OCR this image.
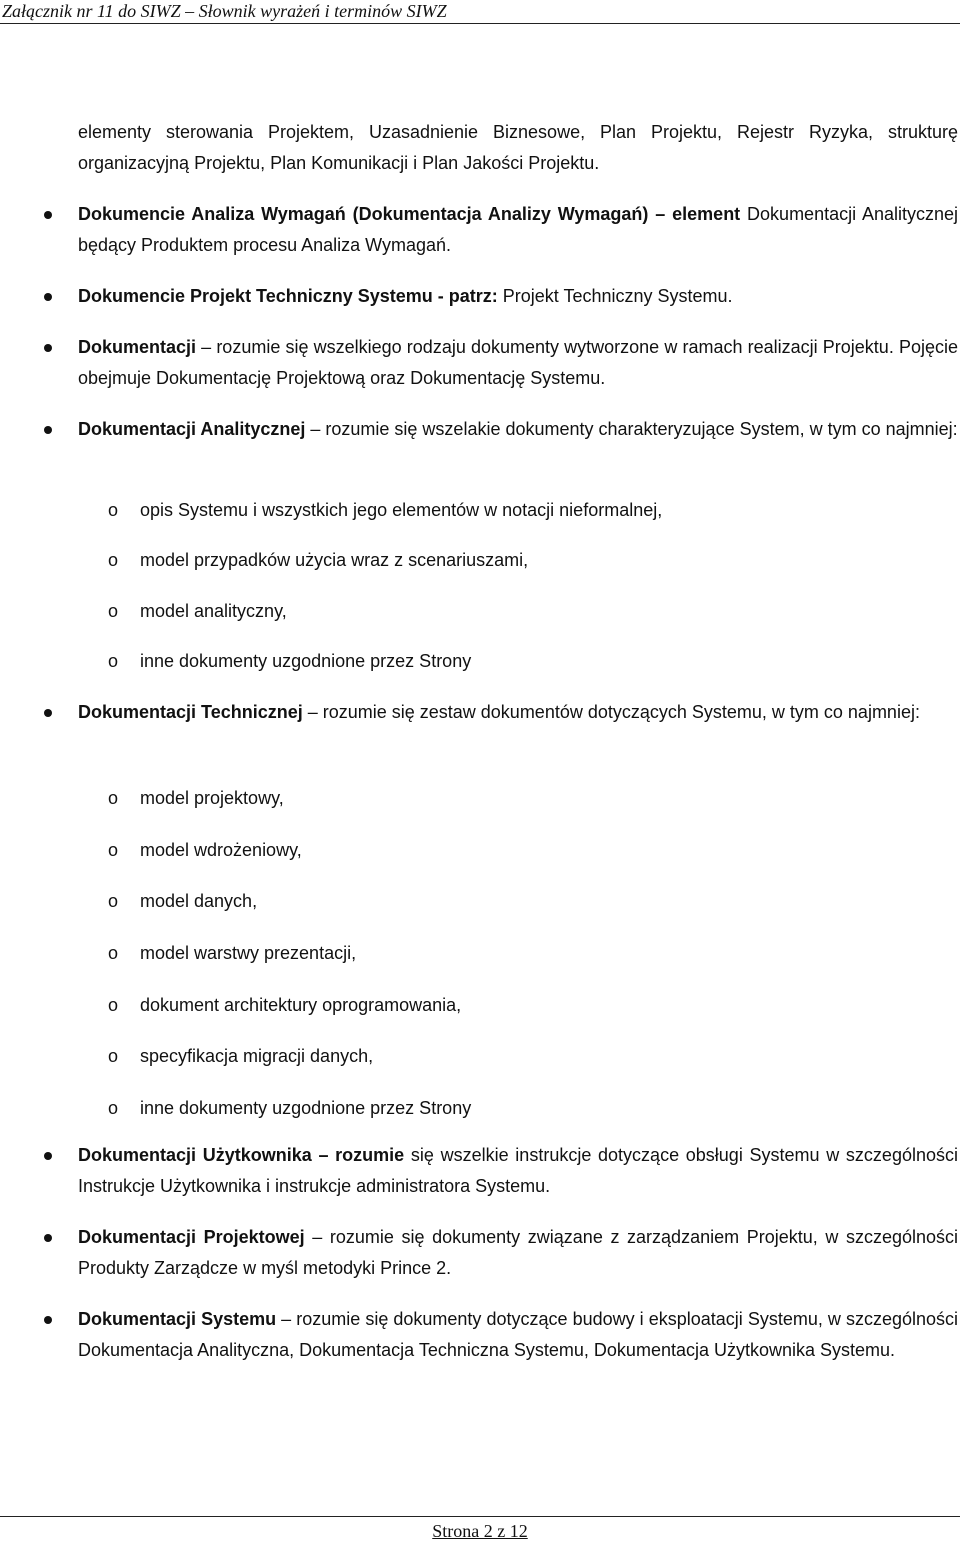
Załącznik nr 11 do SIWZ – Słownik wyrażeń i terminów SIWZ
elementy sterowania Projektem, Uzasadnienie Biznesowe, Plan Projektu, Rejestr Ryzyka, strukturę organizacyjną Projektu, Plan Komunikacji i Plan Jakości Projektu.
Dokumencie Analiza Wymagań (Dokumentacja Analizy Wymagań) – element Dokumentacji Analitycznej będący Produktem procesu Analiza Wymagań.
Dokumencie Projekt Techniczny Systemu - patrz: Projekt Techniczny Systemu.
Dokumentacji – rozumie się wszelkiego rodzaju dokumenty wytworzone w ramach realizacji Projektu. Pojęcie obejmuje Dokumentację Projektową oraz Dokumentację Systemu.
Dokumentacji Analitycznej – rozumie się wszelakie dokumenty charakteryzujące System, w tym co najmniej:
o opis Systemu i wszystkich jego elementów w notacji nieformalnej,
o model przypadków użycia wraz z scenariuszami,
o model analityczny,
o inne dokumenty uzgodnione przez Strony
Dokumentacji Technicznej – rozumie się zestaw dokumentów dotyczących Systemu, w tym co najmniej:
o model projektowy,
o model wdrożeniowy,
o model danych,
o model warstwy prezentacji,
o dokument architektury oprogramowania,
o specyfikacja migracji danych,
o inne dokumenty uzgodnione przez Strony
Dokumentacji Użytkownika – rozumie się wszelkie instrukcje dotyczące obsługi Systemu w szczególności Instrukcje Użytkownika i instrukcje administratora Systemu.
Dokumentacji Projektowej – rozumie się dokumenty związane z zarządzaniem Projektu, w szczególności Produkty Zarządcze w myśl metodyki Prince 2.
Dokumentacji Systemu – rozumie się dokumenty dotyczące budowy i eksploatacji Systemu, w szczególności Dokumentacja Analityczna, Dokumentacja Techniczna Systemu, Dokumentacja Użytkownika Systemu.
Strona 2 z 12
